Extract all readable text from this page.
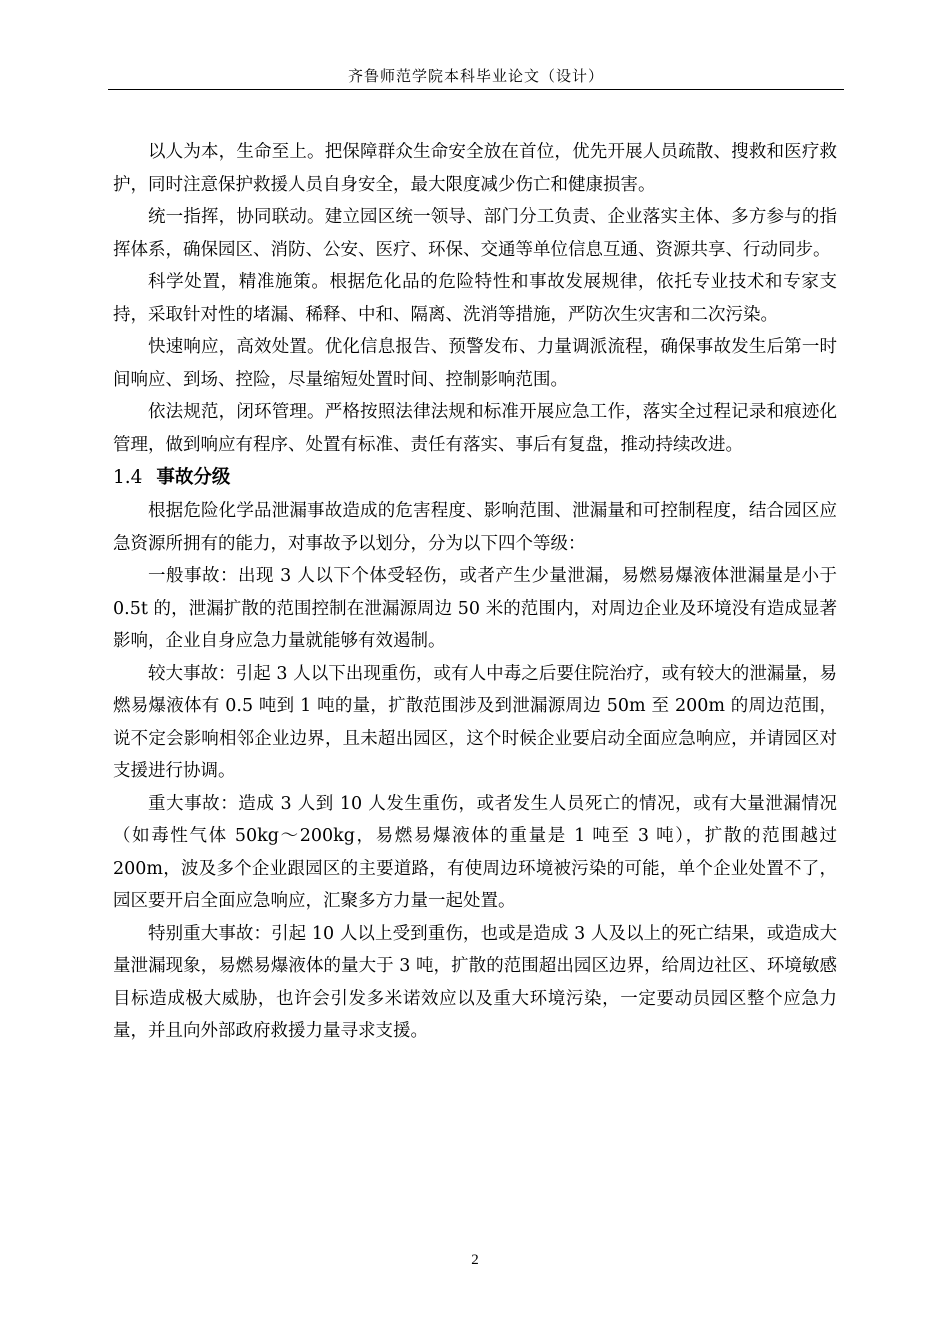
齐鲁师范学院本科毕业论文（设计）

以人为本，生命至上。把保障群众生命安全放在首位，优先开展人员疏散、搜救和医疗救护，同时注意保护救援人员自身安全，最大限度减少伤亡和健康损害。

统一指挥，协同联动。建立园区统一领导、部门分工负责、企业落实主体、多方参与的指挥体系，确保园区、消防、公安、医疗、环保、交通等单位信息互通、资源共享、行动同步。

科学处置，精准施策。根据危化品的危险特性和事故发展规律，依托专业技术和专家支持，采取针对性的堵漏、稀释、中和、隔离、洗消等措施，严防次生灾害和二次污染。

快速响应，高效处置。优化信息报告、预警发布、力量调派流程，确保事故发生后第一时间响应、到场、控险，尽量缩短处置时间、控制影响范围。

依法规范，闭环管理。严格按照法律法规和标准开展应急工作，落实全过程记录和痕迹化管理，做到响应有程序、处置有标准、责任有落实、事后有复盘，推动持续改进。

1.4 事故分级

根据危险化学品泄漏事故造成的危害程度、影响范围、泄漏量和可控制程度，结合园区应急资源所拥有的能力，对事故予以划分，分为以下四个等级：

一般事故：出现 3 人以下个体受轻伤，或者产生少量泄漏，易燃易爆液体泄漏量是小于 0.5t 的，泄漏扩散的范围控制在泄漏源周边 50 米的范围内，对周边企业及环境没有造成显著影响，企业自身应急力量就能够有效遏制。

较大事故：引起 3 人以下出现重伤，或有人中毒之后要住院治疗，或有较大的泄漏量，易燃易爆液体有 0.5 吨到 1 吨的量，扩散范围涉及到泄漏源周边 50m 至 200m 的周边范围，说不定会影响相邻企业边界，且未超出园区，这个时候企业要启动全面应急响应，并请园区对支援进行协调。

重大事故：造成 3 人到 10 人发生重伤，或者发生人员死亡的情况，或有大量泄漏情况（如毒性气体 50kg～200kg，易燃易爆液体的重量是 1 吨至 3 吨），扩散的范围越过 200m，波及多个企业跟园区的主要道路，有使周边环境被污染的可能，单个企业处置不了，园区要开启全面应急响应，汇聚多方力量一起处置。

特别重大事故：引起 10 人以上受到重伤，也或是造成 3 人及以上的死亡结果，或造成大量泄漏现象，易燃易爆液体的量大于 3 吨，扩散的范围超出园区边界，给周边社区、环境敏感目标造成极大威胁，也许会引发多米诺效应以及重大环境污染，一定要动员园区整个应急力量，并且向外部政府救援力量寻求支援。

2
